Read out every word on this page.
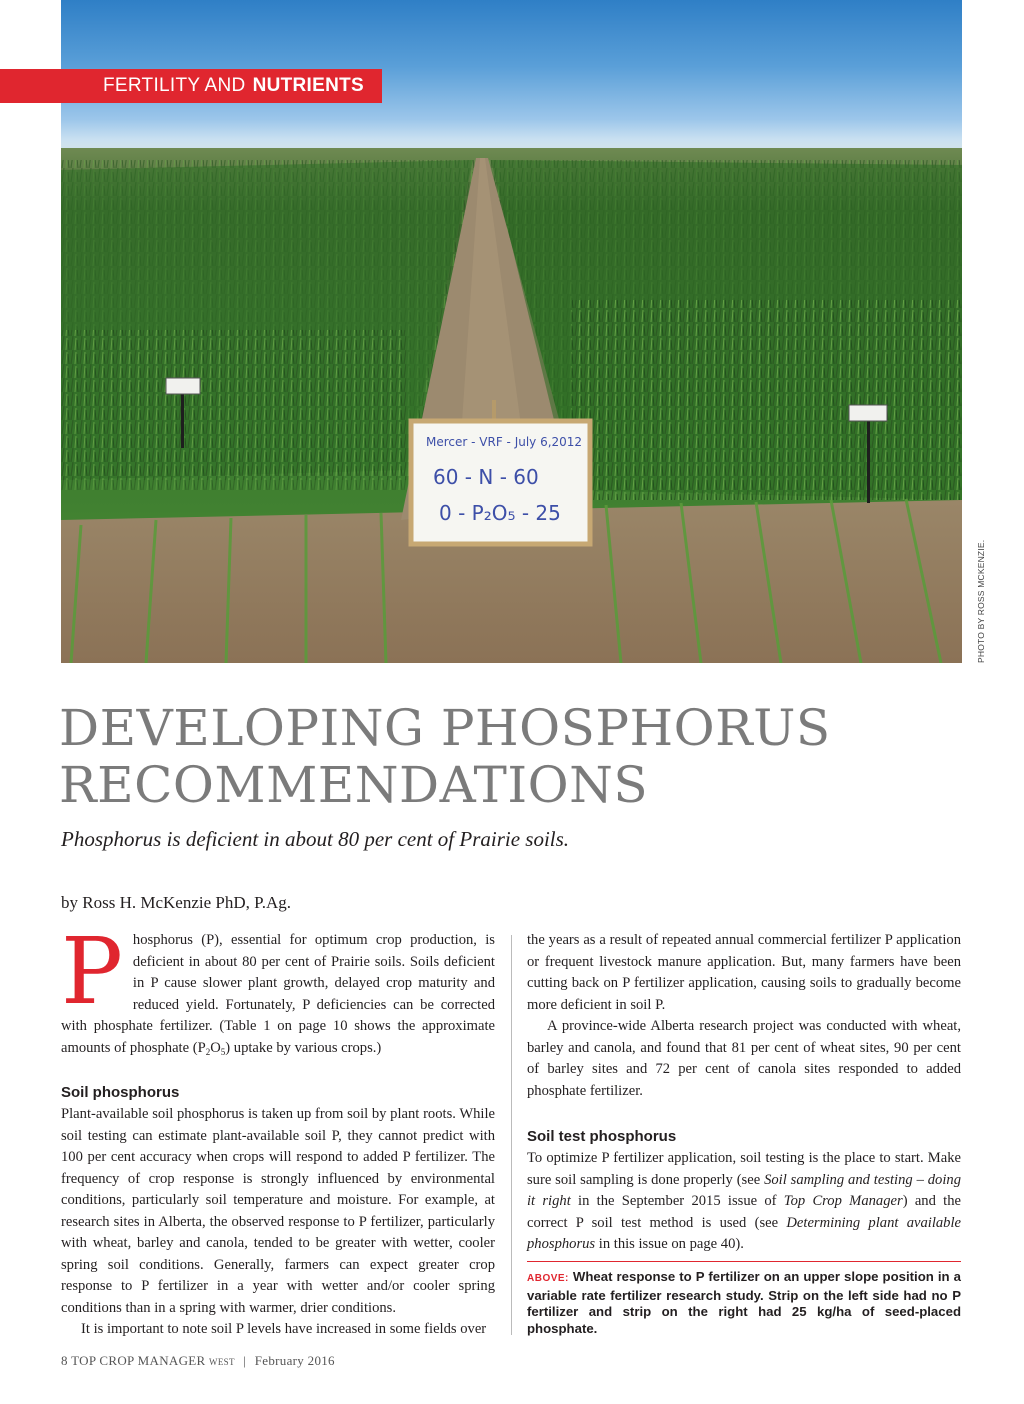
Mercer - VRF - July 6,2012
60 - N - 60
0 - P₂O₅ - 25
FERTILITY AND NUTRIENTS
PHOTO BY ROSS MCKENZIE.
DEVELOPING PHOSPHORUS
RECOMMENDATIONS

Phosphorus is deficient in about 80 per cent of Prairie soils.

by Ross H. McKenzie PhD, P.Ag.

Phosphorus (P), essential for optimum crop production, is deficient in about 80 per cent of Prairie soils. Soils deficient in P cause slower plant growth, delayed crop maturity and reduced yield. Fortunately, P deficiencies can be corrected with phosphate fertilizer. (Table 1 on page 10 shows the approximate amounts of phosphate $(P_2O_5)$ uptake by various crops.)

Soil phosphorus

Plant-available soil phosphorus is taken up from soil by plant roots. While soil testing can estimate plant-available soil P, they cannot predict with 100 per cent accuracy when crops will respond to added P fertilizer. The frequency of crop response is strongly influenced by environmental conditions, particularly soil temperature and moisture. For example, at research sites in Alberta, the observed response to P fertilizer, particularly with wheat, barley and canola, tended to be greater with wetter, cooler spring soil conditions. Generally, farmers can expect greater crop response to P fertilizer in a year with wetter and/or cooler spring conditions than in a spring with warmer, drier conditions.

It is important to note soil P levels have increased in some fields over

the years as a result of repeated annual commercial fertilizer P application or frequent livestock manure application. But, many farmers have been cutting back on P fertilizer application, causing soils to gradually become more deficient in soil P.

A province-wide Alberta research project was conducted with wheat, barley and canola, and found that 81 per cent of wheat sites, 90 per cent of barley sites and 72 per cent of canola sites responded to added phosphate fertilizer.

Soil test phosphorus

To optimize P fertilizer application, soil testing is the place to start. Make sure soil sampling is done properly (see Soil sampling and testing – doing it right in the September 2015 issue of Top Crop Manager) and the correct P soil test method is used (see Determining plant available phosphorus in this issue on page 40).

ABOVE: Wheat response to P fertilizer on an upper slope position in a variable rate fertilizer research study. Strip on the left side had no P fertilizer and strip on the right had 25 kg/ha of seed-placed phosphate.

8 TOP CROP MANAGER WEST | February 2016
